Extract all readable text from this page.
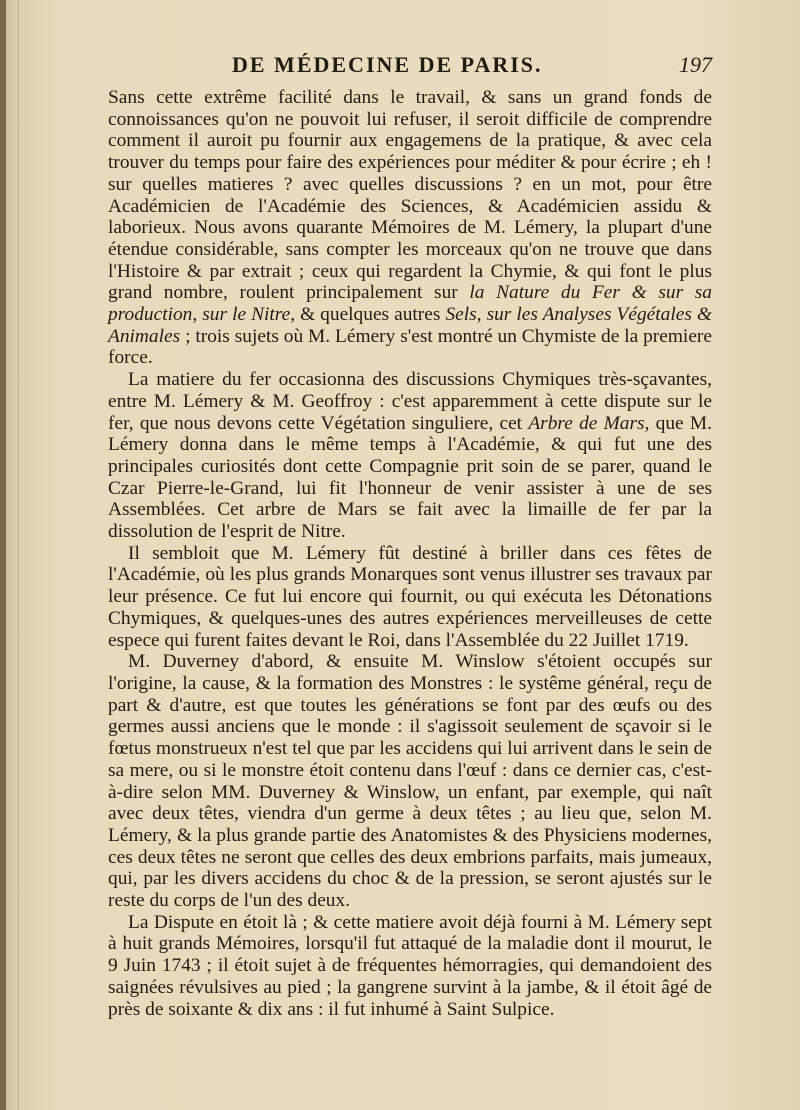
DE MÉDECINE DE PARIS.	197

Sans cette extrême facilité dans le travail, & sans un grand fonds de connoissances qu'on ne pouvoit lui refuser, il seroit difficile de comprendre comment il auroit pu fournir aux engagemens de la pratique, & avec cela trouver du temps pour faire des expériences pour méditer & pour écrire ; eh ! sur quelles matieres ? avec quelles discussions ? en un mot, pour être Académicien de l'Académie des Sciences, & Académicien assidu & laborieux. Nous avons quarante Mémoires de M. Lémery, la plupart d'une étendue considérable, sans compter les morceaux qu'on ne trouve que dans l'Histoire & par extrait ; ceux qui regardent la Chymie, & qui font le plus grand nombre, roulent principalement sur la Nature du Fer & sur sa production, sur le Nitre, & quelques autres Sels, sur les Analyses Végétales & Animales ; trois sujets où M. Lémery s'est montré un Chymiste de la premiere force.

La matiere du fer occasionna des discussions Chymiques très-sçavantes, entre M. Lémery & M. Geoffroy : c'est apparemment à cette dispute sur le fer, que nous devons cette Végétation singuliere, cet Arbre de Mars, que M. Lémery donna dans le même temps à l'Académie, & qui fut une des principales curiosités dont cette Compagnie prit soin de se parer, quand le Czar Pierre-le-Grand, lui fit l'honneur de venir assister à une de ses Assemblées. Cet arbre de Mars se fait avec la limaille de fer par la dissolution de l'esprit de Nitre.

Il sembloit que M. Lémery fût destiné à briller dans ces fêtes de l'Académie, où les plus grands Monarques sont venus illustrer ses travaux par leur présence. Ce fut lui encore qui fournit, ou qui exécuta les Détonations Chymiques, & quelques-unes des autres expériences merveilleuses de cette espece qui furent faites devant le Roi, dans l'Assemblée du 22 Juillet 1719.

M. Duverney d'abord, & ensuite M. Winslow s'étoient occupés sur l'origine, la cause, & la formation des Monstres : le systême général, reçu de part & d'autre, est que toutes les générations se font par des œufs ou des germes aussi anciens que le monde : il s'agissoit seulement de sçavoir si le fœtus monstrueux n'est tel que par les accidens qui lui arrivent dans le sein de sa mere, ou si le monstre étoit contenu dans l'œuf : dans ce dernier cas, c'est-à-dire selon MM. Duverney & Winslow, un enfant, par exemple, qui naît avec deux têtes, viendra d'un germe à deux têtes ; au lieu que, selon M. Lémery, & la plus grande partie des Anatomistes & des Physiciens modernes, ces deux têtes ne seront que celles des deux embrions parfaits, mais jumeaux, qui, par les divers accidens du choc & de la pression, se seront ajustés sur le reste du corps de l'un des deux.

La Dispute en étoit là ; & cette matiere avoit déjà fourni à M. Lémery sept à huit grands Mémoires, lorsqu'il fut attaqué de la maladie dont il mourut, le 9 Juin 1743 ; il étoit sujet à de fréquentes hémorragies, qui demandoient des saignées révulsives au pied ; la gangrene survint à la jambe, & il étoit âgé de près de soixante & dix ans : il fut inhumé à Saint Sulpice.
